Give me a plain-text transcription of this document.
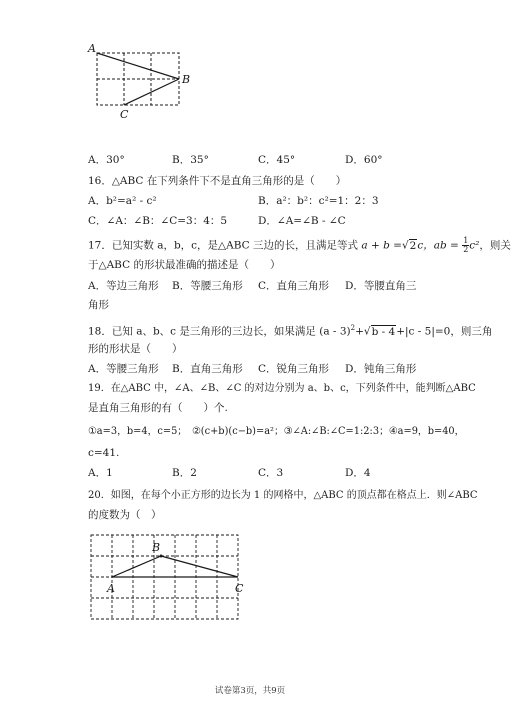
A
B
C
A．30°	B．35°	C．45°	D．60°
16．△ABC 在下列条件下不是直角三角形的是（　　）
A．b²=a² - c²	B．a²：b²：c²=1：2：3
C．∠A：∠B：∠C=3：4：5	D．∠A=∠B - ∠C
17．已知实数 a，b，c，是△ABC 三边的长，且满足等式 a + b =√2c，ab = $\frac{1}{2} c^2$，则关
于△ABC 的形状最准确的描述是（　　）
A．等边三角形 B．等腰三角形 C．直角三角形 D．等腰直角三
角形
18．已知 a、b、c 是三角形的三边长，如果满足 (a - 3)$^2$+√b - 4+|c - 5|=0，则三角
形的形状是（　　）
A．等腰三角形 B．直角三角形 C．锐角三角形 D．钝角三角形
19．在△ABC 中，∠A、∠B、∠C 的对边分别为 a、b、c，下列条件中，能判断△ABC
是直角三角形的有（　　）个.
①a=3，b=4，c=5；　②(c+b)(c−b)=a²；③∠A:∠B:∠C=1:2:3；④a=9，b=40，
c=41.
A．1	B．2	C．3	D．4
20．如图，在每个小正方形的边长为 1 的网格中，△ABC 的顶点都在格点上．则∠ABC
的度数为（　）
A
B
C
试卷第3页，共9页
